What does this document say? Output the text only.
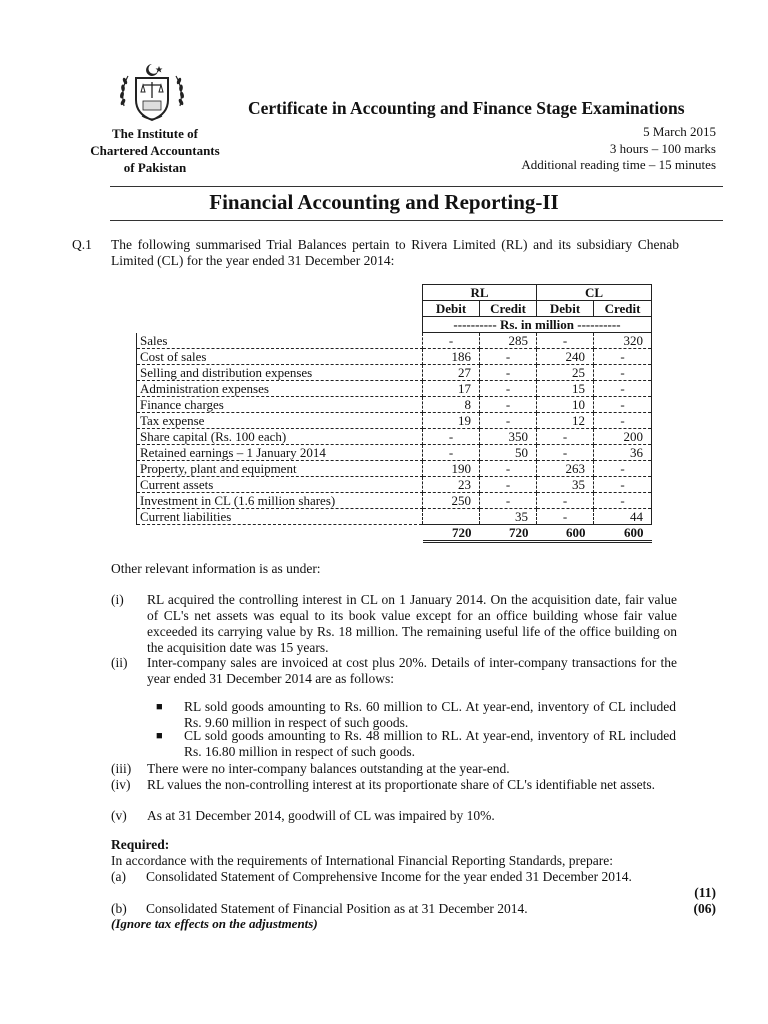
Certificate in Accounting and Finance Stage Examinations
The Institute of
Chartered Accountants
of Pakistan
5 March 2015
3 hours – 100 marks
Additional reading time – 15 minutes
Financial Accounting and Reporting-II
Q.1 The following summarised Trial Balances pertain to Rivera Limited (RL) and its subsidiary Chenab Limited (CL) for the year ended 31 December 2014:
	RL		CL	
	Debit	Credit	Debit	Credit
	---------- Rs. in million ----------			
Sales	-	285	-	320
Cost of sales	186	-	240	-
Selling and distribution expenses	27	-	25	-
Administration expenses	17	-	15	-
Finance charges	8	-	10	-
Tax expense	19	-	12	-
Share capital (Rs. 100 each)	-	350	-	200
Retained earnings – 1 January 2014	-	50	-	36
Property, plant and equipment	190	-	263	-
Current assets	23	-	35	-
Investment in CL (1.6 million shares)	250	-	-	-
Current liabilities		35	-	44
	720	720	600	600
Other relevant information is as under:
(i) RL acquired the controlling interest in CL on 1 January 2014. On the acquisition date, fair value of CL's net assets was equal to its book value except for an office building whose fair value exceeded its carrying value by Rs. 18 million. The remaining useful life of the office building on the acquisition date was 15 years.
(ii) Inter-company sales are invoiced at cost plus 20%. Details of inter-company transactions for the year ended 31 December 2014 are as follows:
■ RL sold goods amounting to Rs. 60 million to CL. At year-end, inventory of CL included Rs. 9.60 million in respect of such goods.
■ CL sold goods amounting to Rs. 48 million to RL. At year-end, inventory of RL included Rs. 16.80 million in respect of such goods.
(iii) There were no inter-company balances outstanding at the year-end.
(iv) RL values the non-controlling interest at its proportionate share of CL's identifiable net assets.
(v) As at 31 December 2014, goodwill of CL was impaired by 10%.
Required:
In accordance with the requirements of International Financial Reporting Standards, prepare:
(a) Consolidated Statement of Comprehensive Income for the year ended 31 December 2014.
(11)
(b) Consolidated Statement of Financial Position as at 31 December 2014.	(06)
(Ignore tax effects on the adjustments)
